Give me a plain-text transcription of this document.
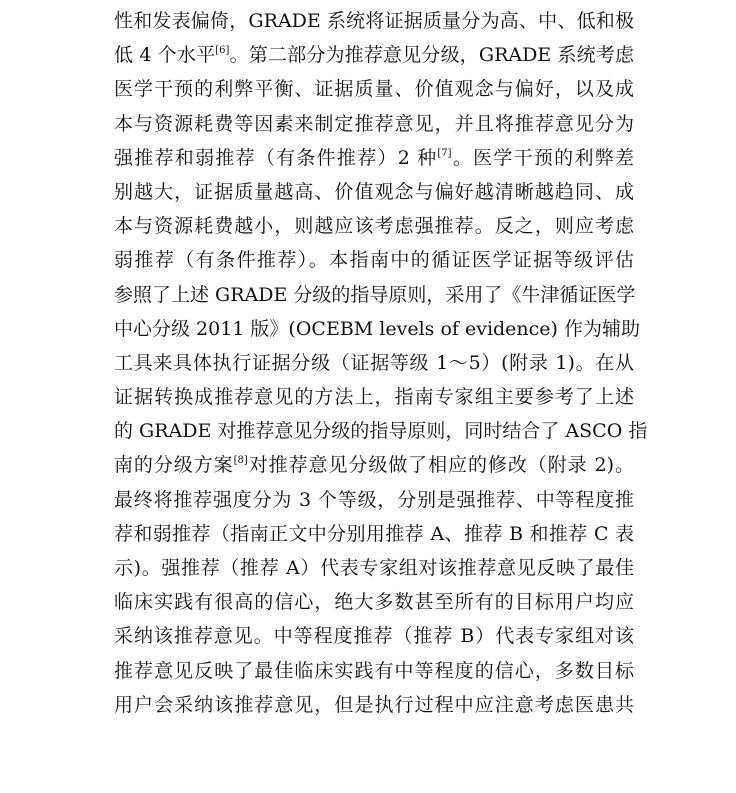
性和发表偏倚，GRADE 系统将证据质量分为高、中、低和极
低 4 个水平[6]。第二部分为推荐意见分级，GRADE 系统考虑
医学干预的利弊平衡、证据质量、价值观念与偏好，以及成
本与资源耗费等因素来制定推荐意见，并且将推荐意见分为
强推荐和弱推荐（有条件推荐）2 种[7]。医学干预的利弊差
别越大，证据质量越高、价值观念与偏好越清晰越趋同、成
本与资源耗费越小，则越应该考虑强推荐。反之，则应考虑
弱推荐（有条件推荐）。本指南中的循证医学证据等级评估
参照了上述 GRADE 分级的指导原则，采用了《牛津循证医学
中心分级 2011 版》(OCEBM levels of evidence) 作为辅助
工具来具体执行证据分级（证据等级 1～5）(附录 1)。在从
证据转换成推荐意见的方法上，指南专家组主要参考了上述
的 GRADE 对推荐意见分级的指导原则，同时结合了 ASCO 指
南的分级方案[8]对推荐意见分级做了相应的修改（附录 2)。
最终将推荐强度分为 3 个等级，分别是强推荐、中等程度推
荐和弱推荐（指南正文中分别用推荐 A、推荐 B 和推荐 C 表
示)。强推荐（推荐 A）代表专家组对该推荐意见反映了最佳
临床实践有很高的信心，绝大多数甚至所有的目标用户均应
采纳该推荐意见。中等程度推荐（推荐 B）代表专家组对该
推荐意见反映了最佳临床实践有中等程度的信心，多数目标
用户会采纳该推荐意见，但是执行过程中应注意考虑医患共
